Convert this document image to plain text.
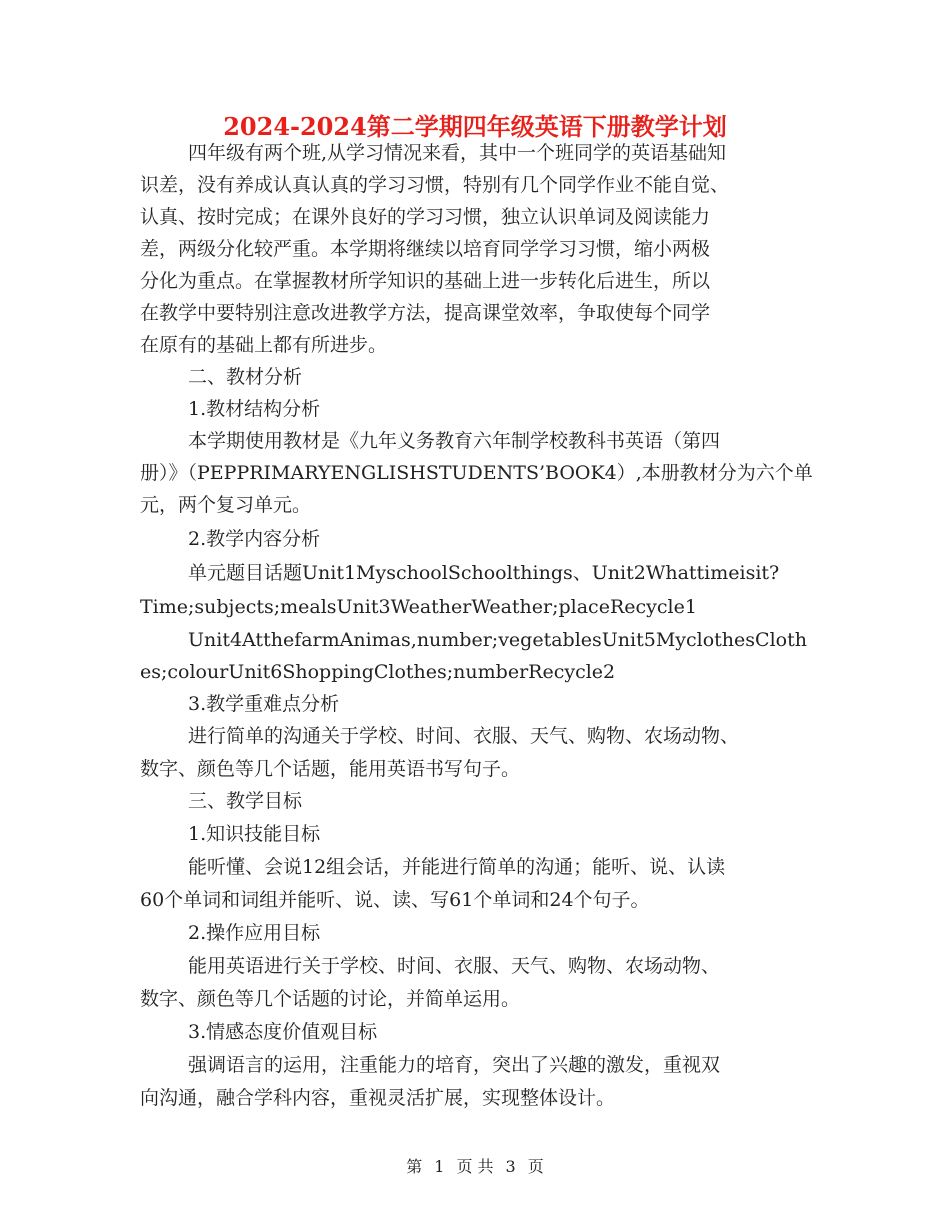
2024-2024第二学期四年级英语下册教学计划
四年级有两个班,从学习情况来看，其中一个班同学的英语基础知
识差，没有养成认真认真的学习习惯，特别有几个同学作业不能自觉、
认真、按时完成；在课外良好的学习习惯，独立认识单词及阅读能力
差，两级分化较严重。本学期将继续以培育同学学习习惯，缩小两极
分化为重点。在掌握教材所学知识的基础上进一步转化后进生，所以
在教学中要特别注意改进教学方法，提高课堂效率，争取使每个同学
在原有的基础上都有所进步。
二、教材分析
1.教材结构分析
本学期使用教材是《九年义务教育六年制学校教科书英语（第四
册）》（PEPPRIMARYENGLISHSTUDENTS’BOOK4）,本册教材分为六个单
元，两个复习单元。
2.教学内容分析
单元题目话题Unit1MyschoolSchoolthings、Unit2Whattimeisit?
Time;subjects;mealsUnit3WeatherWeather;placeRecycle1
Unit4AtthefarmAnimas,number;vegetablesUnit5MyclothesCloth
es;colourUnit6ShoppingClothes;numberRecycle2
3.教学重难点分析
进行简单的沟通关于学校、时间、衣服、天气、购物、农场动物、
数字、颜色等几个话题，能用英语书写句子。
三、教学目标
1.知识技能目标
能听懂、会说12组会话，并能进行简单的沟通；能听、说、认读
60个单词和词组并能听、说、读、写61个单词和24个句子。
2.操作应用目标
能用英语进行关于学校、时间、衣服、天气、购物、农场动物、
数字、颜色等几个话题的讨论，并简单运用。
3.情感态度价值观目标
强调语言的运用，注重能力的培育，突出了兴趣的激发，重视双
向沟通，融合学科内容，重视灵活扩展，实现整体设计。
第 1 页 共 3 页
